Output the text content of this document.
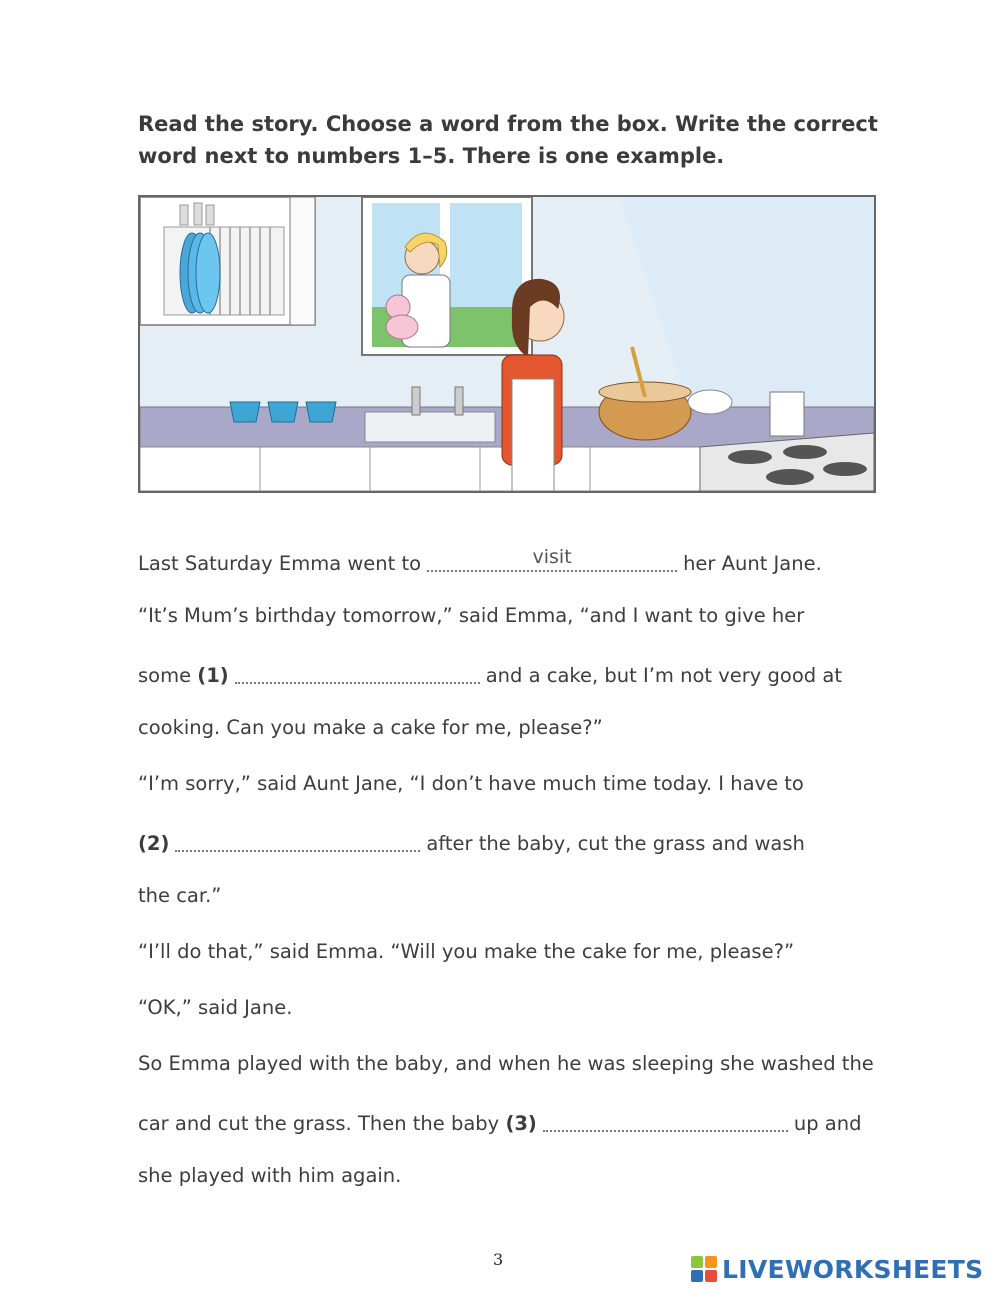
Read the story. Choose a word from the box. Write the correct
word next to numbers 1–5. There is one example.
Last Saturday Emma went to	visit	her Aunt Jane.
“It’s Mum’s birthday tomorrow,” said Emma, “and I want to give her
some (1)	and a cake, but I’m not very good at
cooking. Can you make a cake for me, please?”
“I’m sorry,” said Aunt Jane, “I don’t have much time today. I have to
(2)	after the baby, cut the grass and wash
the car.”
“I’ll do that,” said Emma. “Will you make the cake for me, please?”
“OK,” said Jane.
So Emma played with the baby, and when he was sleeping she washed the
car and cut the grass. Then the baby (3)	up and
she played with him again.
3	LIVEWORKSHEETS
